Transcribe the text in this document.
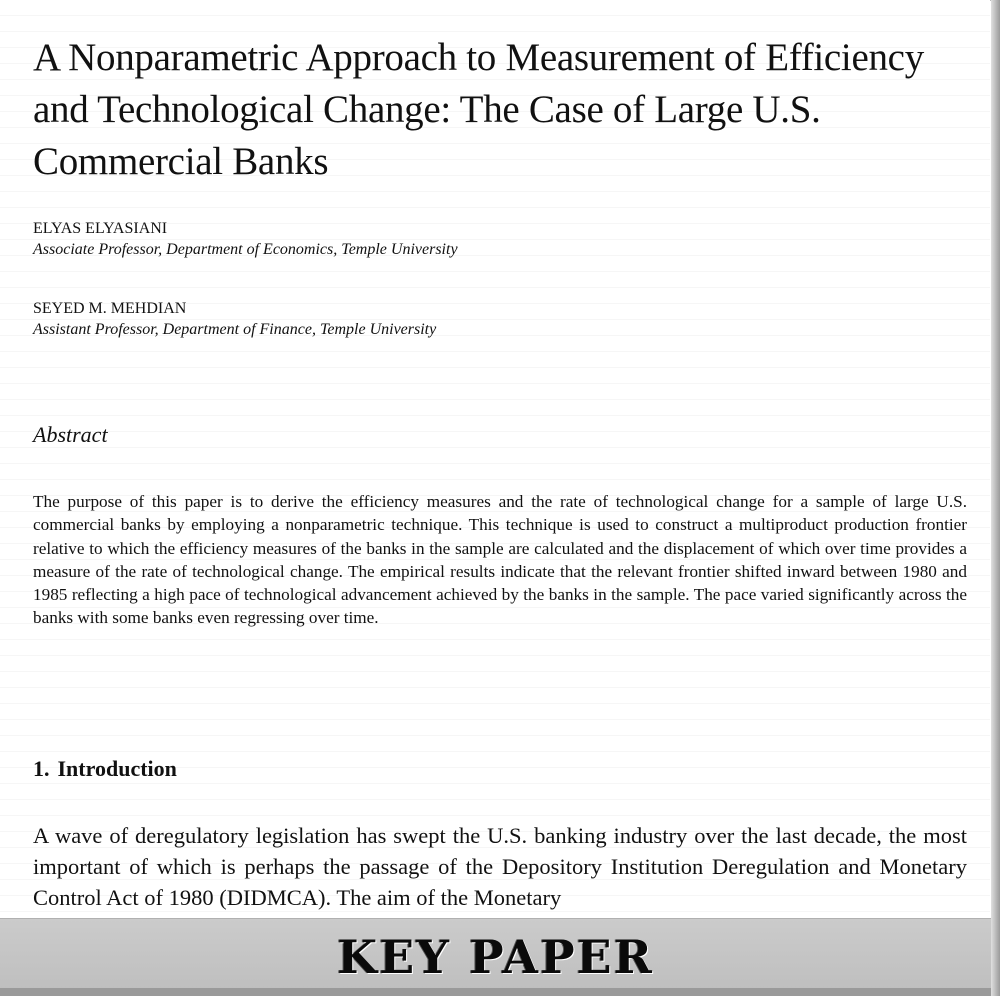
A Nonparametric Approach to Measurement of Efficiency and Technological Change: The Case of Large U.S. Commercial Banks
ELYAS ELYASIANI
Associate Professor, Department of Economics, Temple University
SEYED M. MEHDIAN
Assistant Professor, Department of Finance, Temple University
Abstract

The purpose of this paper is to derive the efficiency measures and the rate of technological change for a sample of large U.S. commercial banks by employing a nonparametric technique. This technique is used to construct a multiproduct production frontier relative to which the efficiency measures of the banks in the sample are calculated and the displacement of which over time provides a measure of the rate of technological change. The empirical results indicate that the relevant frontier shifted inward between 1980 and 1985 reflecting a high pace of technological advancement achieved by the banks in the sample. The pace varied significantly across the banks with some banks even regressing over time.

1. Introduction

A wave of deregulatory legislation has swept the U.S. banking industry over the last decade, the most important of which is perhaps the passage of the Depository Institution Deregulation and Monetary Control Act of 1980 (DIDMCA). The aim of the Monetary

KEY PAPER
